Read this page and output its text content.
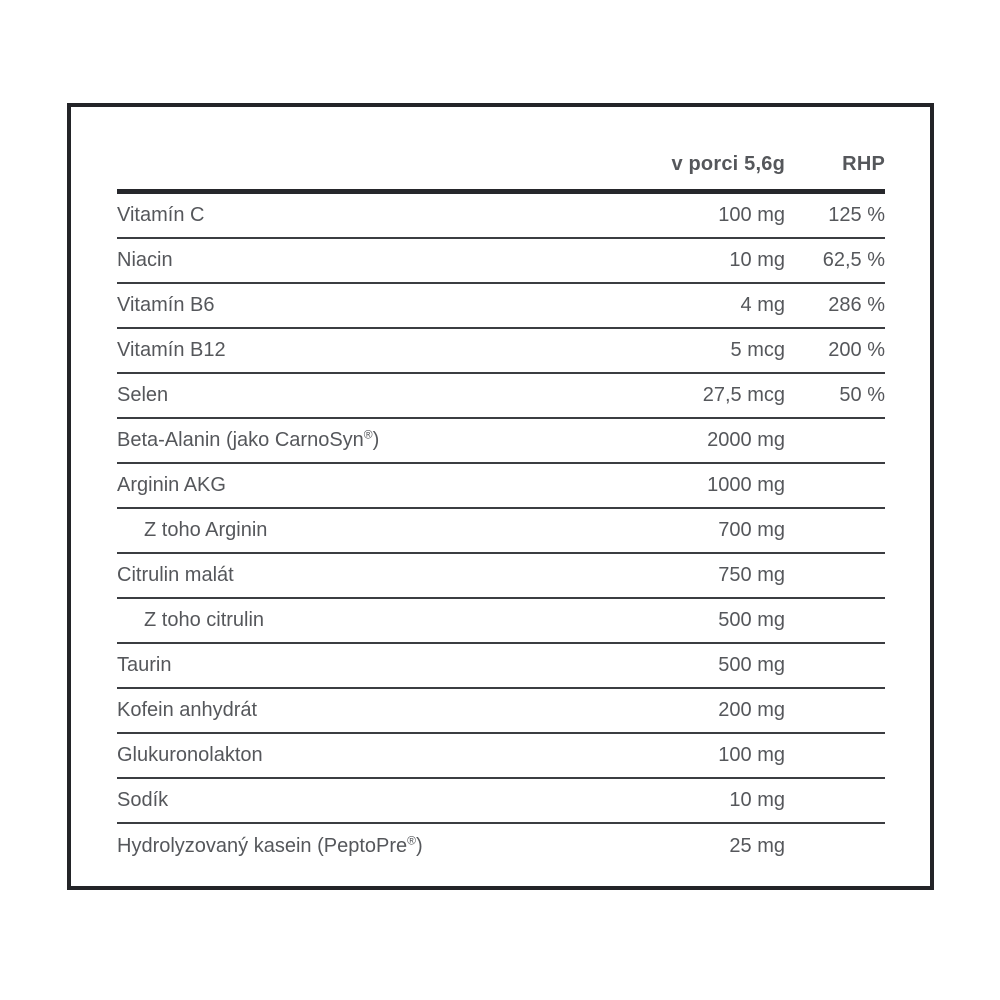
v porci 5,6g	RHP
Vitamín C	100 mg	125 %
Niacin	10 mg	62,5 %
Vitamín B6	4 mg	286 %
Vitamín B12	5 mcg	200 %
Selen	27,5 mcg	50 %
Beta-Alanin (jako CarnoSyn®)	2000 mg
Arginin AKG	1000 mg
Z toho Arginin	700 mg
Citrulin malát	750 mg
Z toho citrulin	500 mg
Taurin	500 mg
Kofein anhydrát	200 mg
Glukuronolakton	100 mg
Sodík	10 mg
Hydrolyzovaný kasein (PeptoPre®)	25 mg
